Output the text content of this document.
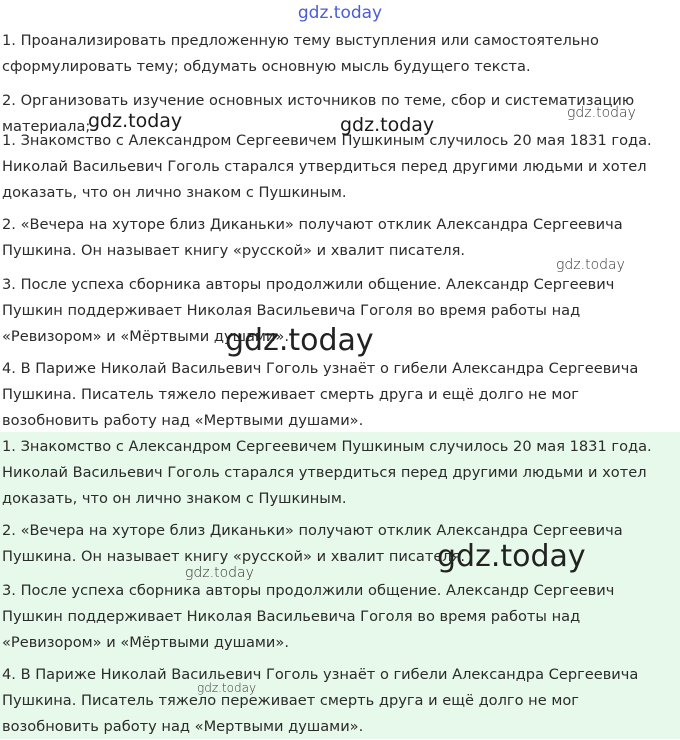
gdz.today

1. Проанализировать предложенную тему выступления или самостоятельно сформулировать тему; обдумать основную мысль будущего текста.

2. Организовать изучение основных источников по теме, сбор и систематизацию материала;

1. Знакомство с Александром Сергеевичем Пушкиным случилось 20 мая 1831 года. Николай Васильевич Гоголь старался утвердиться перед другими людьми и хотел доказать, что он лично знаком с Пушкиным.

2. «Вечера на хуторе близ Диканьки» получают отклик Александра Сергеевича Пушкина. Он называет книгу «русской» и хвалит писателя.

3. После успеха сборника авторы продолжили общение. Александр Сергеевич Пушкин поддерживает Николая Васильевича Гоголя во время работы над «Ревизором» и «Мёртвыми душами».

4. В Париже Николай Васильевич Гоголь узнаёт о гибели Александра Сергеевича Пушкина. Писатель тяжело переживает смерть друга и ещё долго не мог возобновить работу над «Мертвыми душами».

1. Знакомство с Александром Сергеевичем Пушкиным случилось 20 мая 1831 года. Николай Васильевич Гоголь старался утвердиться перед другими людьми и хотел доказать, что он лично знаком с Пушкиным.

2. «Вечера на хуторе близ Диканьки» получают отклик Александра Сергеевича Пушкина. Он называет книгу «русской» и хвалит писателя.

3. После успеха сборника авторы продолжили общение. Александр Сергеевич Пушкин поддерживает Николая Васильевича Гоголя во время работы над «Ревизором» и «Мёртвыми душами».

4. В Париже Николай Васильевич Гоголь узнаёт о гибели Александра Сергеевича Пушкина. Писатель тяжело переживает смерть друга и ещё долго не мог возобновить работу над «Мертвыми душами».

gdz.today	gdz.today
gdz.today
gdz.today
gdz.today
gdz.today
gdz.today
gdz.today
